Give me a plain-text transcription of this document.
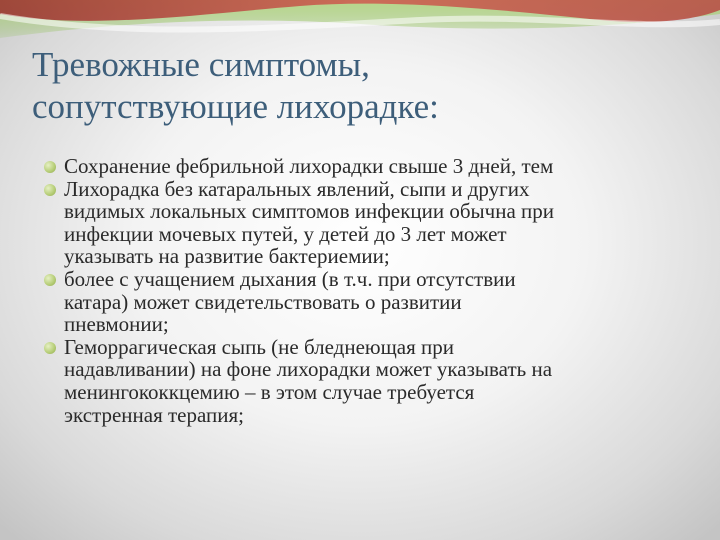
Тревожные симптомы,
сопутствующие лихорадке:
Сохранение фебрильной лихорадки свыше 3 дней, тем
Лихорадка без катаральных явлений, сыпи и других
видимых локальных симптомов инфекции обычна при
инфекции мочевых путей, у детей до 3 лет может
указывать на развитие бактериемии;
более с учащением дыхания (в т.ч. при отсутствии
катара) может свидетельствовать о развитии
пневмонии;
Геморрагическая сыпь (не бледнеющая при
надавливании) на фоне лихорадки может указывать на
менингококкцемию – в этом случае требуется
экстренная терапия;
